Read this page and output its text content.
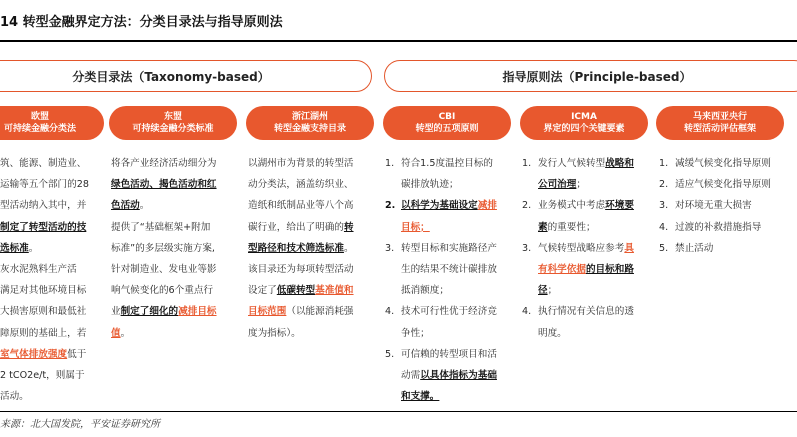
14 转型金融界定方法：分类目录法与指导原则法
分类目录法（Taxonomy-based）	指导原则法（Principle-based）
欧盟
可持续金融分类法
东盟
可持续金融分类标准
浙江湖州
转型金融支持目录
CBI
转型的五项原则
ICMA
界定的四个关键要素
马来西亚央行
转型活动评估框架

筑、能源、制造业、

运输等五个部门的28

型活动纳入其中，并

制定了转型活动的技

选标准。

灰水泥熟料生产活

满足对其他环境目标

大损害原则和最低社

障原则的基础上，若

室气体排放强度低于

2 tCO2e/t，则属于

活动。

将各产业经济活动细分为

绿色活动、揭色活动和红

色活动。

提供了“基础框架+附加

标准”的多层级实施方案,

针对制造业、发电业等影

响气候变化的6个重点行

业制定了细化的减排目标

值。

以湖州市为背景的转型活

动分类法，涵盖纺织业、

造纸和纸制品业等八个高

碳行业，给出了明确的转

型路径和技术筛选标准。

该目录还为每项转型活动

设定了低碳转型基准值和

目标范围（以能源消耗强

度为指标）。

1. 符合1.5度温控目标的

碳排放轨迹；

2. 以科学为基础设定减排

目标；

3. 转型目标和实施路径产

生的结果不统计碳排放

抵消额度；

4. 技术可行性优于经济竞

争性；

5. 可信赖的转型项目和活

动需以具体指标为基础

和支撑。

1. 发行人气候转型战略和

公司治理；

2. 业务模式中考虑环境要

素的重要性；

3. 气候转型战略应参考具

有科学依据的目标和路

径；

4. 执行情况有关信息的透

明度。

1. 减缓气候变化指导原则
2. 适应气候变化指导原则
3. 对环境无重大损害
4. 过渡的补救措施指导
5. 禁止活动
来源：北大国发院，平安证券研究所
